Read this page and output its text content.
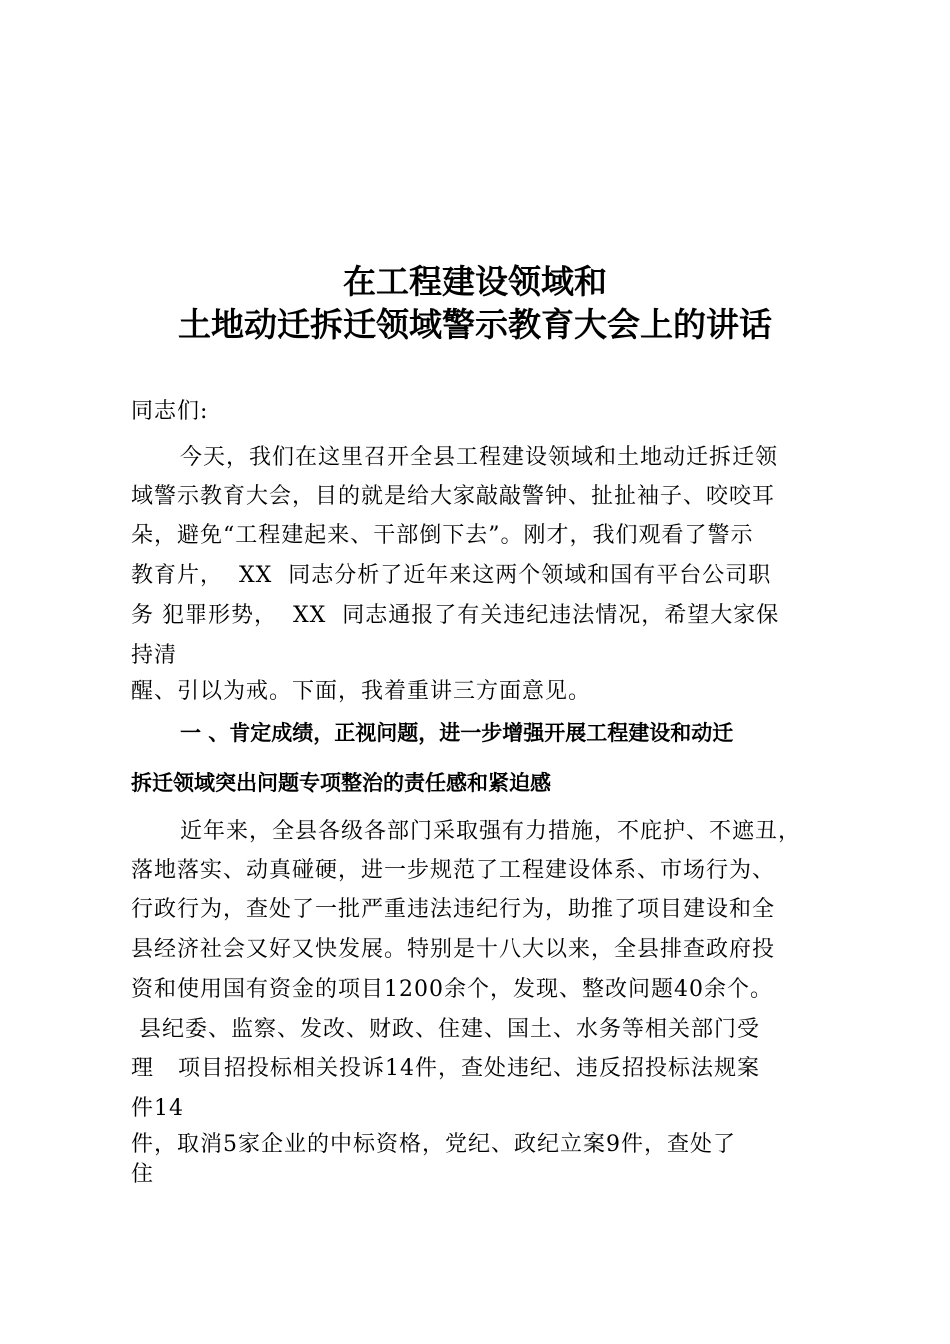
在工程建设领域和
土地动迁拆迁领域警示教育大会上的讲话
同志们:
今天，我们在这里召开全县工程建设领域和土地动迁拆迁领
域警示教育大会，目的就是给大家敲敲警钟、扯扯袖子、咬咬耳
朵，避免“工程建起来、干部倒下去”。刚才，我们观看了警示
教育片，  XX  同志分析了近年来这两个领域和国有平台公司职
务 犯罪形势，  XX  同志通报了有关违纪违法情况，希望大家保
持清
醒、引以为戒。下面，我着重讲三方面意见。
一 、肯定成绩，正视问题，进一步增强开展工程建设和动迁
拆迁领域突出问题专项整治的责任感和紧迫感
近年来，全县各级各部门采取强有力措施，不庇护、不遮丑，
落地落实、动真碰硬，进一步规范了工程建设体系、市场行为、
行政行为，查处了一批严重违法违纪行为，助推了项目建设和全
县经济社会又好又快发展。特别是十八大以来，全县排查政府投
资和使用国有资金的项目1200余个，发现、整改问题40余个。
县纪委、监察、发改、财政、住建、国土、水务等相关部门受
理   项目招投标相关投诉14件，查处违纪、违反招投标法规案
件14
件，取消5家企业的中标资格，党纪、政纪立案9件，查处了
住
